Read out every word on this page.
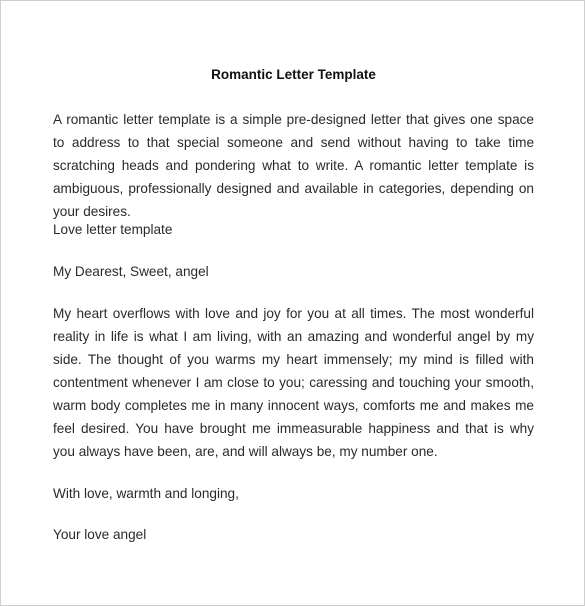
Romantic Letter Template

A romantic letter template is a simple pre-designed letter that gives one space to address to that special someone and send without having to take time scratching heads and pondering what to write. A romantic letter template is ambiguous, professionally designed and available in categories, depending on your desires.

Love letter template

My Dearest, Sweet, angel

My heart overflows with love and joy for you at all times. The most wonderful reality in life is what I am living, with an amazing and wonderful angel by my side. The thought of you warms my heart immensely; my mind is filled with contentment whenever I am close to you; caressing and touching your smooth, warm body completes me in many innocent ways, comforts me and makes me feel desired. You have brought me immeasurable happiness and that is why you always have been, are, and will always be, my number one.

With love, warmth and longing,

Your love angel
